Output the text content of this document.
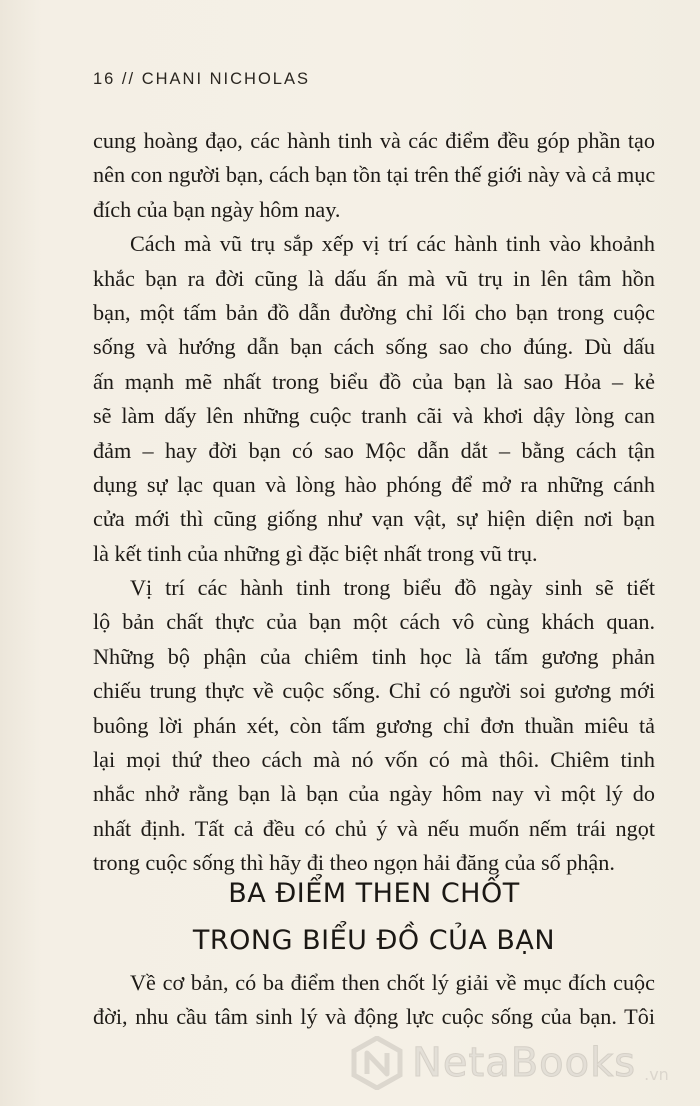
16 // CHANI NICHOLAS
cung hoàng đạo, các hành tinh và các điểm đều góp phần tạo
nên con người bạn, cách bạn tồn tại trên thế giới này và cả mục
đích của bạn ngày hôm nay.
Cách mà vũ trụ sắp xếp vị trí các hành tinh vào khoảnh
khắc bạn ra đời cũng là dấu ấn mà vũ trụ in lên tâm hồn
bạn, một tấm bản đồ dẫn đường chỉ lối cho bạn trong cuộc
sống và hướng dẫn bạn cách sống sao cho đúng. Dù dấu
ấn mạnh mẽ nhất trong biểu đồ của bạn là sao Hỏa – kẻ
sẽ làm dấy lên những cuộc tranh cãi và khơi dậy lòng can
đảm – hay đời bạn có sao Mộc dẫn dắt – bằng cách tận
dụng sự lạc quan và lòng hào phóng để mở ra những cánh
cửa mới thì cũng giống như vạn vật, sự hiện diện nơi bạn
là kết tinh của những gì đặc biệt nhất trong vũ trụ.
Vị trí các hành tinh trong biểu đồ ngày sinh sẽ tiết
lộ bản chất thực của bạn một cách vô cùng khách quan.
Những bộ phận của chiêm tinh học là tấm gương phản
chiếu trung thực về cuộc sống. Chỉ có người soi gương mới
buông lời phán xét, còn tấm gương chỉ đơn thuần miêu tả
lại mọi thứ theo cách mà nó vốn có mà thôi. Chiêm tinh
nhắc nhở rằng bạn là bạn của ngày hôm nay vì một lý do
nhất định. Tất cả đều có chủ ý và nếu muốn nếm trái ngọt
trong cuộc sống thì hãy đi theo ngọn hải đăng của số phận.
BA ĐIỂM THEN CHỐT
TRONG BIỂU ĐỒ CỦA BẠN
Về cơ bản, có ba điểm then chốt lý giải về mục đích cuộc
đời, nhu cầu tâm sinh lý và động lực cuộc sống của bạn. Tôi
NetaBooks .vn
